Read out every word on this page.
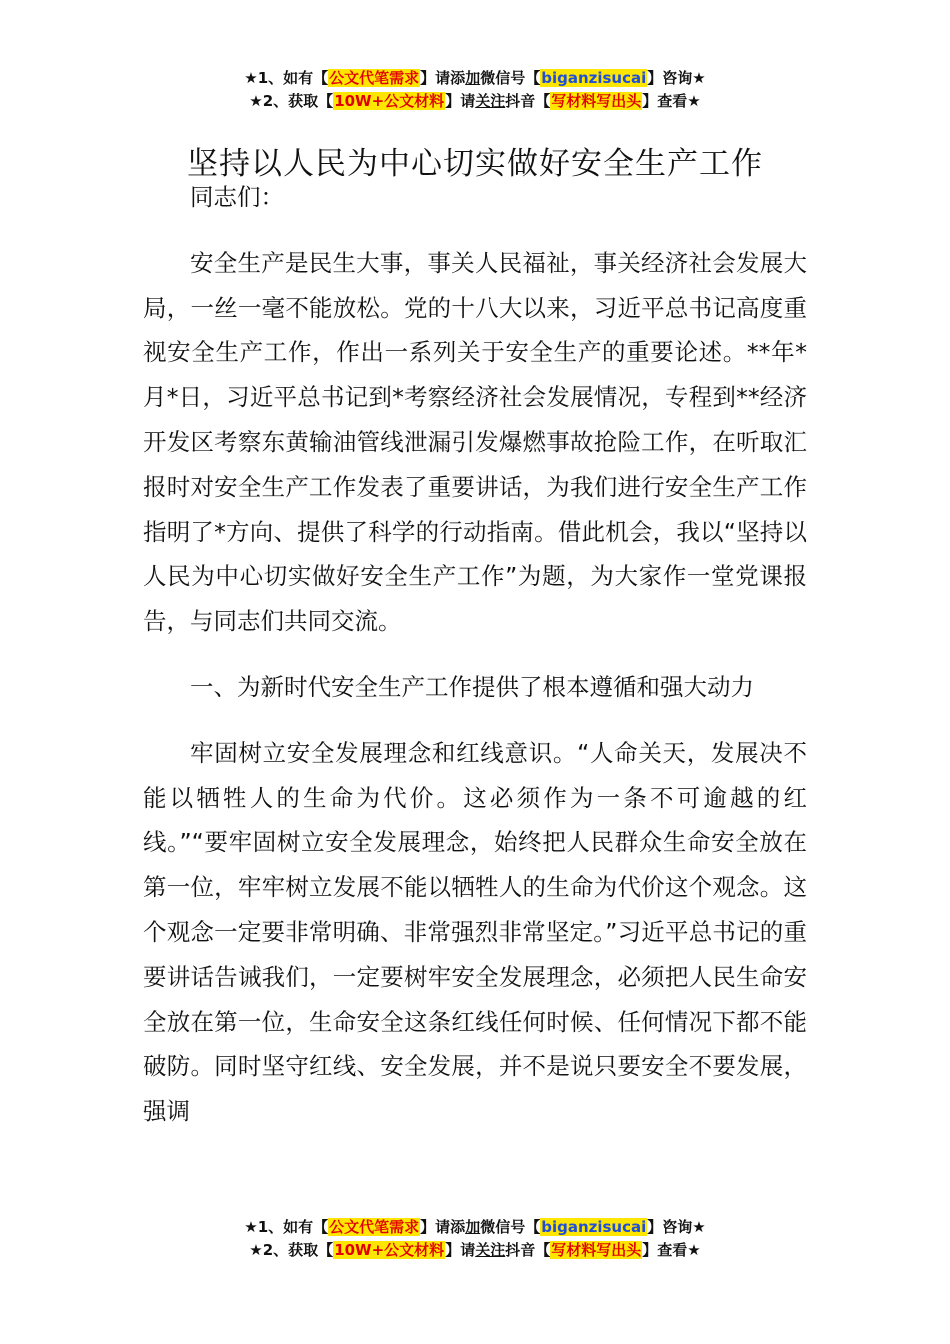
★1、如有【公文代笔需求】请添加微信号【biganzisucai】咨询★
★2、获取【10W+公文材料】请关注抖音【写材料写出头】查看★
坚持以人民为中心切实做好安全生产工作

同志们：

安全生产是民生大事，事关人民福祉，事关经济社会发展大局，一丝一毫不能放松。党的十八大以来，习近平总书记高度重视安全生产工作，作出一系列关于安全生产的重要论述。**年*月*日，习近平总书记到*考察经济社会发展情况，专程到**经济开发区考察东黄输油管线泄漏引发爆燃事故抢险工作，在听取汇报时对安全生产工作发表了重要讲话，为我们进行安全生产工作指明了*方向、提供了科学的行动指南。借此机会，我以“坚持以人民为中心切实做好安全生产工作”为题，为大家作一堂党课报告，与同志们共同交流。

一、为新时代安全生产工作提供了根本遵循和强大动力

牢固树立安全发展理念和红线意识。“人命关天，发展决不能以牺牲人的生命为代价。这必须作为一条不可逾越的红线。”“要牢固树立安全发展理念，始终把人民群众生命安全放在第一位，牢牢树立发展不能以牺牲人的生命为代价这个观念。这个观念一定要非常明确、非常强烈非常坚定。”习近平总书记的重要讲话告诫我们，一定要树牢安全发展理念，必须把人民生命安全放在第一位，生命安全这条红线任何时候、任何情况下都不能破防。同时坚守红线、安全发展，并不是说只要安全不要发展，强调

★1、如有【公文代笔需求】请添加微信号【biganzisucai】咨询★
★2、获取【10W+公文材料】请关注抖音【写材料写出头】查看★
